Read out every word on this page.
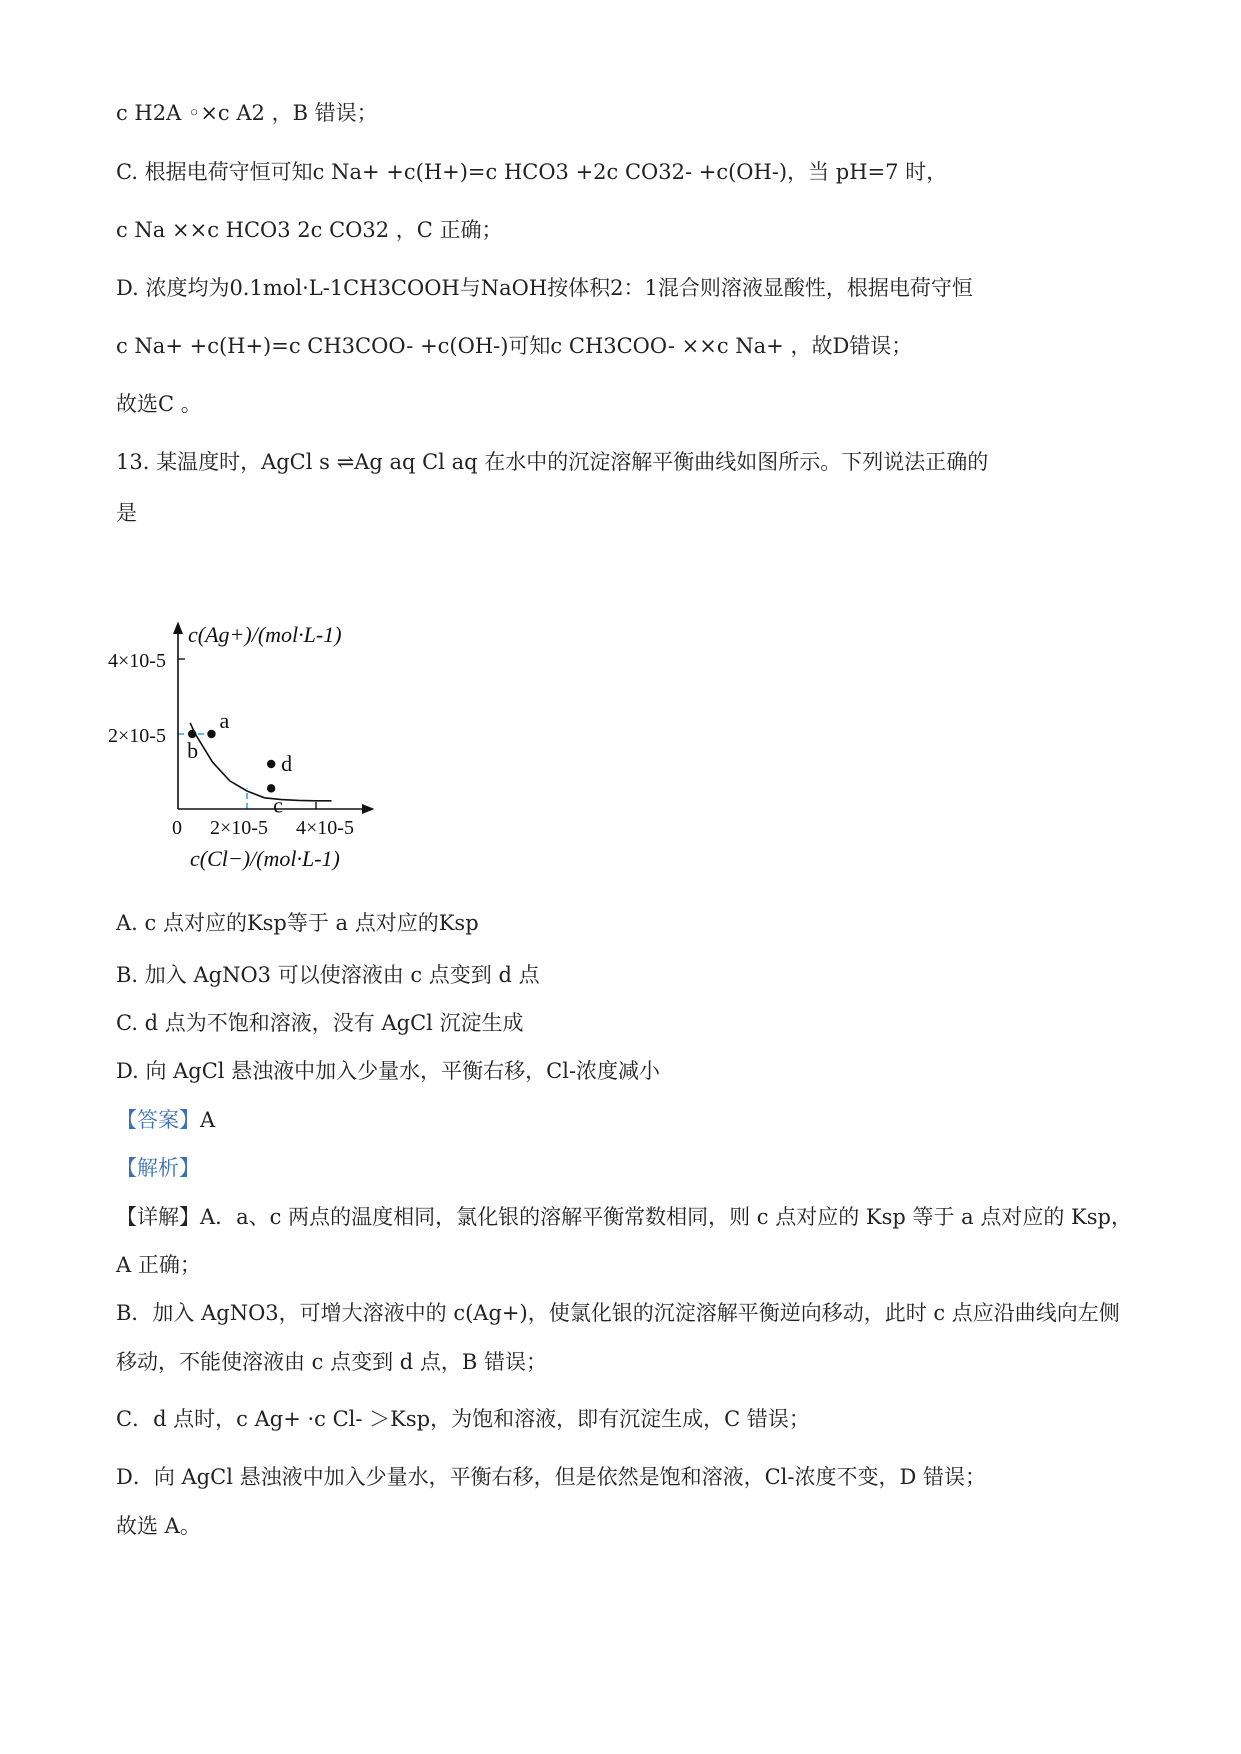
c H2A ◦×c A2 ，B 错误；
C. 根据电荷守恒可知c Na+ +c(H+)=c HCO3 +2c CO32- +c(OH-)，当 pH=7 时，
c Na ××c HCO3 2c CO32 ，C 正确；
D. 浓度均为0.1mol·L-1CH3COOH与NaOH按体积2：1混合则溶液显酸性，根据电荷守恒
c Na+ +c(H+)=c CH3COO- +c(OH-)可知c CH3COO- ××c Na+ ，故D错误；
故选C 。
13. 某温度时，AgCl s ⇌Ag aq Cl aq 在水中的沉淀溶解平衡曲线如图所示。下列说法正确的
是
a
b
c
d
c(Ag+)/(mol·L-1)
4×10-5
2×10-5
0 2×10-5 4×10-5
c(Cl−)/(mol·L-1)
A. c 点对应的Ksp等于 a 点对应的Ksp
B. 加入 AgNO3 可以使溶液由 c 点变到 d 点
C. d 点为不饱和溶液，没有 AgCl 沉淀生成
D. 向 AgCl 悬浊液中加入少量水，平衡右移，Cl-浓度减小
【答案】A
【解析】
【详解】A．a、c 两点的温度相同，氯化银的溶解平衡常数相同，则 c 点对应的 Ksp 等于 a 点对应的 Ksp，
A 正确；
B．加入 AgNO3，可增大溶液中的 c(Ag+)，使氯化银的沉淀溶解平衡逆向移动，此时 c 点应沿曲线向左侧
移动，不能使溶液由 c 点变到 d 点，B 错误；
C．d 点时，c Ag+ ·c Cl- ＞Ksp，为饱和溶液，即有沉淀生成，C 错误；
D．向 AgCl 悬浊液中加入少量水，平衡右移，但是依然是饱和溶液，Cl-浓度不变，D 错误；
故选 A。
